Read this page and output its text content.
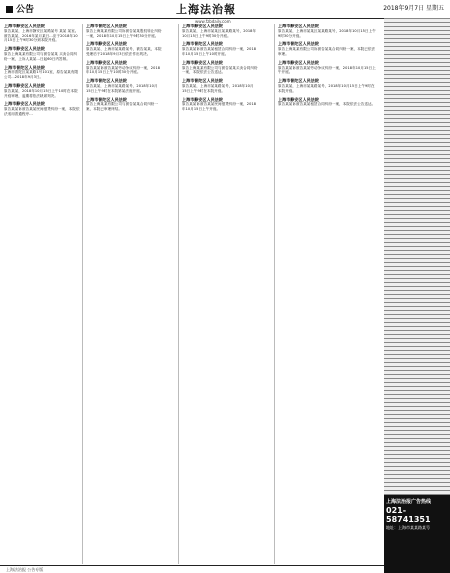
公告	上海法治報	2018年9月7日 星期五
www.fzbdaily.com
上海市静安区人民法院
原告某某，上海市静安区某路某号 某某 某室。被告某某，2016年某月某日…应于2018年10月15日上午9时30分到本院开庭。
上海市静安区人民法院
原告上海某某有限公司与被告某某 买卖合同纠纷一案，上诉人某某…日起60日内答辩。
上海市普陀区人民法院
上海市普陀区某某路1号101室，原告某某有限公司…2018年9月3日。
上海市静安区人民法院
原告某某，2018年10月15日上午10时在本院开庭审理，逾期将依法缺席判决。
上海市静安区人民法院
原告某某诉被告某某民间借贷纠纷一案，本院依法适用普通程序…
上海市普陀区人民法院
原告上海某某有限公司诉被告某某股权转让纠纷一案，2018年10月15日上午9时30分开庭。
上海市静安区人民法院
原告某某、上海市某某路某号，被告某某，本院受理后于2018年9月3日依法作出判决。
上海市静安区人民法院
原告某某诉被告某某劳动争议纠纷一案，2018年10月15日上午10时30分开庭。
上海市普陀区人民法院
原告某某，上海市某某路某号，2018年10月15日上午9时在本院第某法庭开庭。
上海市普陀区人民法院
原告上海某某有限公司与被告某某合同纠纷一案，本院已审理终结。
上海市静安区人民法院
原告某某，上海市某某区某某路某号，2018年10月15日上午9时30分开庭。
上海市普陀区人民法院
原告某某诉被告某某租赁合同纠纷一案，2018年10月15日上午10时开庭。
上海市静安区人民法院
原告上海某某有限公司与被告某某买卖合同纠纷一案，本院依法公告送达。
上海市普陀区人民法院
原告某某，上海市某某路某号，2018年10月15日上午9时在本院开庭。
上海市静安区人民法院
原告某某诉被告某某民间借贷纠纷一案，2018年10月15日上午开庭。
上海市静安区人民法院
原告某某，上海市某某区某某路某号，2018年10月15日上午9时30分开庭。
上海市普陀区人民法院
原告上海某某有限公司诉被告某某合同纠纷一案，本院已依法审理。
上海市静安区人民法院
原告某某诉被告某某劳动争议纠纷一案，2018年10月15日上午开庭。
上海市普陀区人民法院
原告某某，上海市某某路某号，2018年10月15日上午9时在本院开庭。
上海市静安区人民法院
原告某某诉被告某某租赁合同纠纷一案，本院依法公告送达。
上海法治报广告热线
021-58741351
地址：上海市某某路某号
上海法治报 公告专版
